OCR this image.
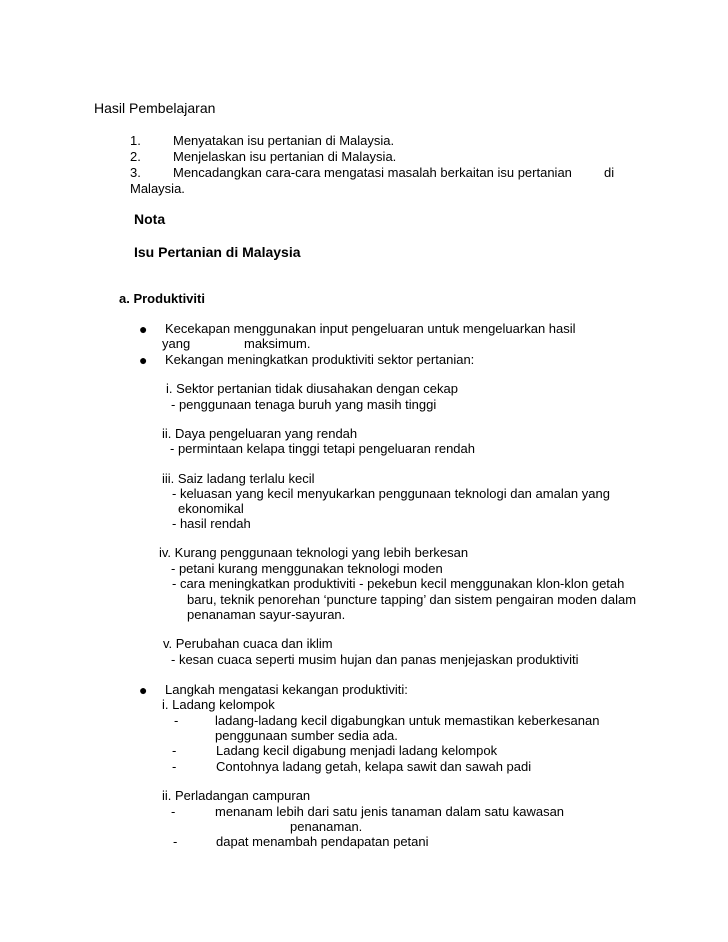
Hasil Pembelajaran
1. Menyatakan isu pertanian di Malaysia.
2. Menjelaskan isu pertanian di Malaysia.
3. Mencadangkan cara-cara mengatasi masalah berkaitan isu pertanian di
Malaysia.
Nota
Isu Pertanian di Malaysia
a. Produktiviti
● Kecekapan menggunakan input pengeluaran untuk mengeluarkan hasil
yang	maksimum.
● Kekangan meningkatkan produktiviti sektor pertanian:
i. Sektor pertanian tidak diusahakan dengan cekap
- penggunaan tenaga buruh yang masih tinggi
ii. Daya pengeluaran yang rendah
- permintaan kelapa tinggi tetapi pengeluaran rendah
iii. Saiz ladang terlalu kecil
- keluasan yang kecil menyukarkan penggunaan teknologi dan amalan yang
ekonomikal
- hasil rendah
iv. Kurang penggunaan teknologi yang lebih berkesan
- petani kurang menggunakan teknologi moden
- cara meningkatkan produktiviti - pekebun kecil menggunakan klon-klon getah
baru, teknik penorehan ‘puncture tapping’ dan sistem pengairan moden dalam
penanaman sayur-sayuran.
v. Perubahan cuaca dan iklim
- kesan cuaca seperti musim hujan dan panas menjejaskan produktiviti
● Langkah mengatasi kekangan produktiviti:
i. Ladang kelompok
-	ladang-ladang kecil digabungkan untuk memastikan keberkesanan
penggunaan sumber sedia ada.
-	Ladang kecil digabung menjadi ladang kelompok
-	Contohnya ladang getah, kelapa sawit dan sawah padi
ii. Perladangan campuran
-	menanam lebih dari satu jenis tanaman dalam satu kawasan
penanaman.
-	dapat menambah pendapatan petani
